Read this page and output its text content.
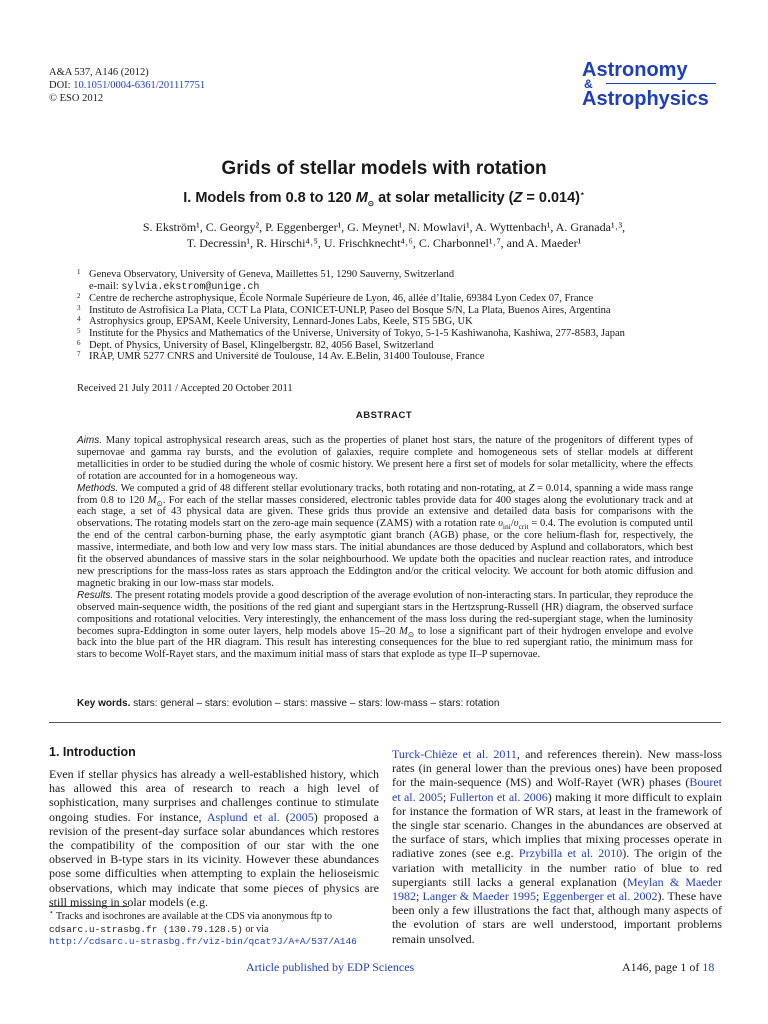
A&A 537, A146 (2012)
DOI: 10.1051/0004-6361/201117751
© ESO 2012
Astronomy
&
Astrophysics
Grids of stellar models with rotation
I. Models from 0.8 to 120 $M_⊙$ at solar metallicity (Z = 0.014)⋆
S. Ekström¹, C. Georgy², P. Eggenberger¹, G. Meynet¹, N. Mowlavi¹, A. Wyttenbach¹, A. Granada¹˒³,
T. Decressin¹, R. Hirschi⁴˒⁵, U. Frischknecht⁴˒⁶, C. Charbonnel¹˒⁷, and A. Maeder¹
1 Geneva Observatory, University of Geneva, Maillettes 51, 1290 Sauverny, Switzerland
e-mail: sylvia.ekstrom@unige.ch
2 Centre de recherche astrophysique, École Normale Supérieure de Lyon, 46, allée d’Italie, 69384 Lyon Cedex 07, France
3 Instituto de Astrofísica La Plata, CCT La Plata, CONICET-UNLP, Paseo del Bosque S/N, La Plata, Buenos Aires, Argentina
4 Astrophysics group, EPSAM, Keele University, Lennard-Jones Labs, Keele, ST5 5BG, UK
5 Institute for the Physics and Mathematics of the Universe, University of Tokyo, 5-1-5 Kashiwanoha, Kashiwa, 277-8583, Japan
6 Dept. of Physics, University of Basel, Klingelbergstr. 82, 4056 Basel, Switzerland
7 IRAP, UMR 5277 CNRS and Université de Toulouse, 14 Av. E.Belin, 31400 Toulouse, France
Received 21 July 2011 / Accepted 20 October 2011
ABSTRACT

Aims. Many topical astrophysical research areas, such as the properties of planet host stars, the nature of the progenitors of different types of supernovae and gamma ray bursts, and the evolution of galaxies, require complete and homogeneous sets of stellar models at different metallicities in order to be studied during the whole of cosmic history. We present here a first set of models for solar metallicity, where the effects of rotation are accounted for in a homogeneous way.

Methods. We computed a grid of 48 different stellar evolutionary tracks, both rotating and non-rotating, at Z = 0.014, spanning a wide mass range from 0.8 to 120 $M_⊙$. For each of the stellar masses considered, electronic tables provide data for 400 stages along the evolutionary track and at each stage, a set of 43 physical data are given. These grids thus provide an extensive and detailed data basis for comparisons with the observations. The rotating models start on the zero-age main sequence (ZAMS) with a rotation rate $\upsilon_{ini}/\upsilon_{crit} = 0.4$. The evolution is computed until the end of the central carbon-burning phase, the early asymptotic giant branch (AGB) phase, or the core helium-flash for, respectively, the massive, intermediate, and both low and very low mass stars. The initial abundances are those deduced by Asplund and collaborators, which best fit the observed abundances of massive stars in the solar neighbourhood. We update both the opacities and nuclear reaction rates, and introduce new prescriptions for the mass-loss rates as stars approach the Eddington and/or the critical velocity. We account for both atomic diffusion and magnetic braking in our low-mass star models.

Results. The present rotating models provide a good description of the average evolution of non-interacting stars. In particular, they reproduce the observed main-sequence width, the positions of the red giant and supergiant stars in the Hertzsprung-Russell (HR) diagram, the observed surface compositions and rotational velocities. Very interestingly, the enhancement of the mass loss during the red-supergiant stage, when the luminosity becomes supra-Eddington in some outer layers, help models above 15–20 $M_⊙$ to lose a significant part of their hydrogen envelope and evolve back into the blue part of the HR diagram. This result has interesting consequences for the blue to red supergiant ratio, the minimum mass for stars to become Wolf-Rayet stars, and the maximum initial mass of stars that explode as type II–P supernovae.

Key words. stars: general – stars: evolution – stars: massive – stars: low-mass – stars: rotation
1. Introduction
Even if stellar physics has already a well-established history, which has allowed this area of research to reach a high level of sophistication, many surprises and challenges continue to stimulate ongoing studies. For instance, Asplund et al. (2005) proposed a revision of the present-day surface solar abundances which restores the compatibility of the composition of our star with the one observed in B-type stars in its vicinity. However these abundances pose some difficulties when attempting to explain the helioseismic observations, which may indicate that some pieces of physics are still missing in solar models (e.g.
Turck-Chièze et al. 2011, and references therein). New mass-loss rates (in general lower than the previous ones) have been proposed for the main-sequence (MS) and Wolf-Rayet (WR) phases (Bouret et al. 2005; Fullerton et al. 2006) making it more difficult to explain for instance the formation of WR stars, at least in the framework of the single star scenario. Changes in the abundances are observed at the surface of stars, which implies that mixing processes operate in radiative zones (see e.g. Przybilla et al. 2010). The origin of the variation with metallicity in the number ratio of blue to red supergiants still lacks a general explanation (Meylan & Maeder 1982; Langer & Maeder 1995; Eggenberger et al. 2002). These have been only a few illustrations the fact that, although many aspects of the evolution of stars are well understood, important problems remain unsolved.
⋆ Tracks and isochrones are available at the CDS via anonymous ftp to cdsarc.u-strasbg.fr (130.79.128.5) or via
http://cdsarc.u-strasbg.fr/viz-bin/qcat?J/A+A/537/A146
Article published by EDP Sciences	A146, page 1 of 18
